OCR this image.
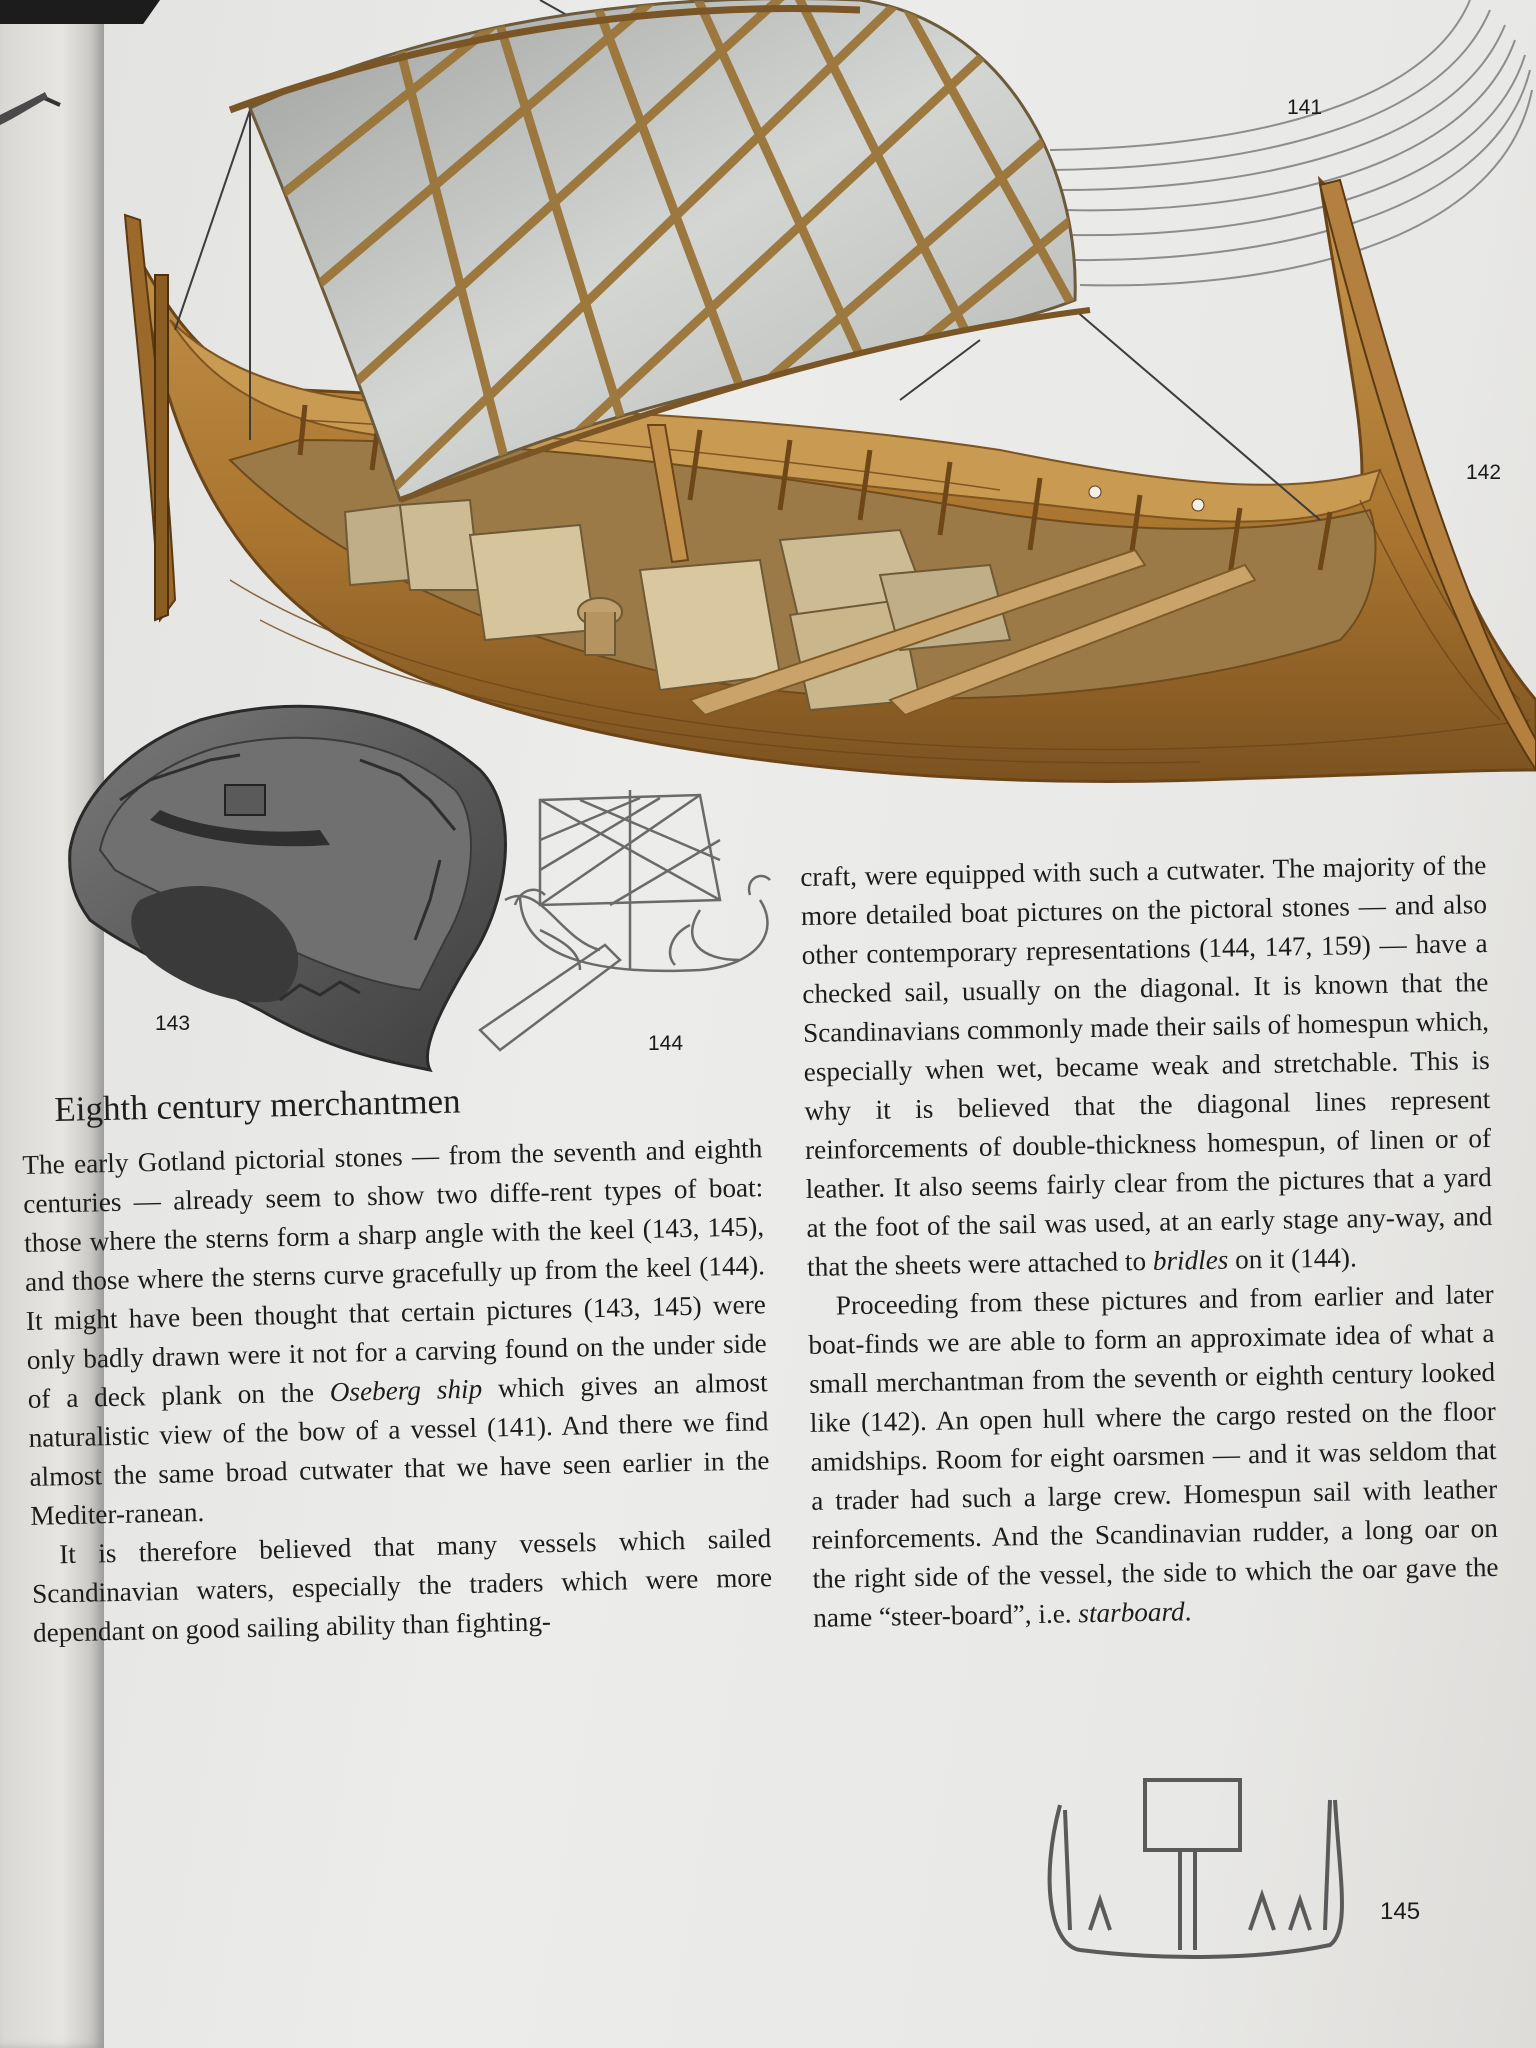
141
142
143
144
145
Eighth century merchantmen

The early Gotland pictorial stones — from the seventh and eighth centuries — already seem to show two diffe-rent types of boat: those where the sterns form a sharp angle with the keel (143, 145), and those where the sterns curve gracefully up from the keel (144). It might have been thought that certain pictures (143, 145) were only badly drawn were it not for a carving found on the under side of a deck plank on the Oseberg ship which gives an almost naturalistic view of the bow of a vessel (141). And there we find almost the same broad cutwater that we have seen earlier in the Mediter-ranean.

It is therefore believed that many vessels which sailed Scandinavian waters, especially the traders which were more dependant on good sailing ability than fighting-

craft, were equipped with such a cutwater. The majority of the more detailed boat pictures on the pictoral stones — and also other contemporary representations (144, 147, 159) — have a checked sail, usually on the diagonal. It is known that the Scandinavians commonly made their sails of homespun which, especially when wet, became weak and stretchable. This is why it is believed that the diagonal lines represent reinforcements of double-thickness homespun, of linen or of leather. It also seems fairly clear from the pictures that a yard at the foot of the sail was used, at an early stage any-way, and that the sheets were attached to bridles on it (144).

Proceeding from these pictures and from earlier and later boat-finds we are able to form an approximate idea of what a small merchantman from the seventh or eighth century looked like (142). An open hull where the cargo rested on the floor amidships. Room for eight oarsmen — and it was seldom that a trader had such a large crew. Homespun sail with leather reinforcements. And the Scandinavian rudder, a long oar on the right side of the vessel, the side to which the oar gave the name “steer-board”, i.e. starboard.
